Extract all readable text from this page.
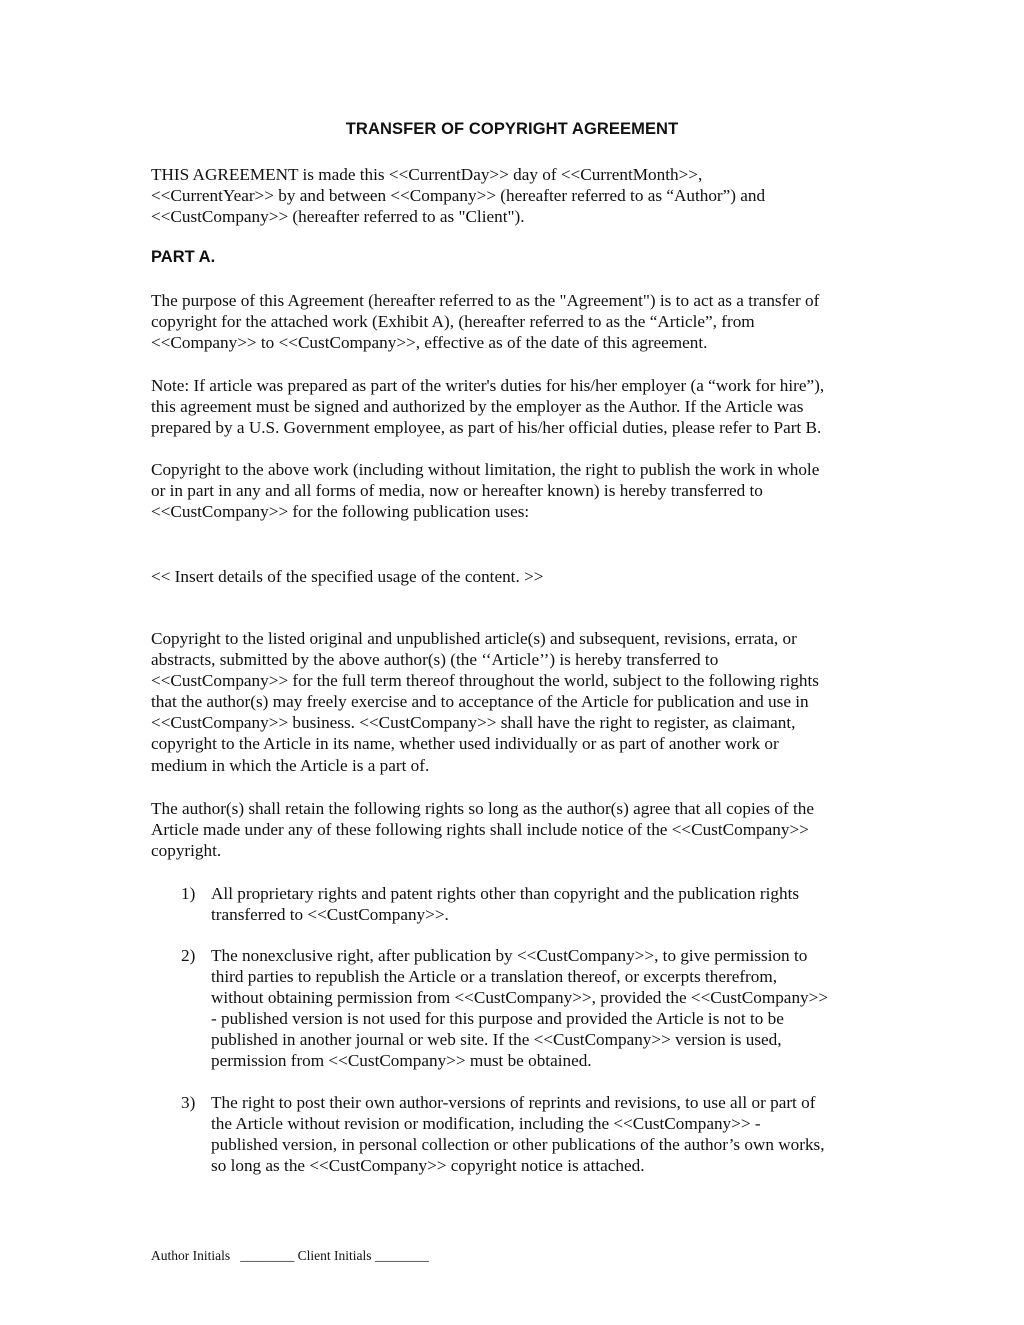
TRANSFER OF COPYRIGHT AGREEMENT

THIS AGREEMENT is made this <<CurrentDay>> day of <<CurrentMonth>>,
<<CurrentYear>> by and between <<Company>> (hereafter referred to as “Author”) and
<<CustCompany>> (hereafter referred to as "Client").

PART A.

The purpose of this Agreement (hereafter referred to as the "Agreement") is to act as a transfer of
copyright for the attached work (Exhibit A), (hereafter referred to as the “Article”, from
<<Company>> to <<CustCompany>>, effective as of the date of this agreement.

Note: If article was prepared as part of the writer's duties for his/her employer (a “work for hire”),
this agreement must be signed and authorized by the employer as the Author. If the Article was
prepared by a U.S. Government employee, as part of his/her official duties, please refer to Part B.

Copyright to the above work (including without limitation, the right to publish the work in whole
or in part in any and all forms of media, now or hereafter known) is hereby transferred to
<<CustCompany>> for the following publication uses:

<< Insert details of the specified usage of the content. >>

Copyright to the listed original and unpublished article(s) and subsequent, revisions, errata, or
abstracts, submitted by the above author(s) (the ‘‘Article’’) is hereby transferred to
<<CustCompany>> for the full term thereof throughout the world, subject to the following rights
that the author(s) may freely exercise and to acceptance of the Article for publication and use in
<<CustCompany>> business. <<CustCompany>> shall have the right to register, as claimant,
copyright to the Article in its name, whether used individually or as part of another work or
medium in which the Article is a part of.

The author(s) shall retain the following rights so long as the author(s) agree that all copies of the
Article made under any of these following rights shall include notice of the <<CustCompany>>
copyright.

1) All proprietary rights and patent rights other than copyright and the publication rights
transferred to <<CustCompany>>.

2) The nonexclusive right, after publication by <<CustCompany>>, to give permission to
third parties to republish the Article or a translation thereof, or excerpts therefrom,
without obtaining permission from <<CustCompany>>, provided the <<CustCompany>>
- published version is not used for this purpose and provided the Article is not to be
published in another journal or web site. If the <<CustCompany>> version is used,
permission from <<CustCompany>> must be obtained.

3) The right to post their own author-versions of reprints and revisions, to use all or part of
the Article without revision or modification, including the <<CustCompany>> -
published version, in personal collection or other publications of the author’s own works,
so long as the <<CustCompany>> copyright notice is attached.

Author Initials ________ Client Initials ________
